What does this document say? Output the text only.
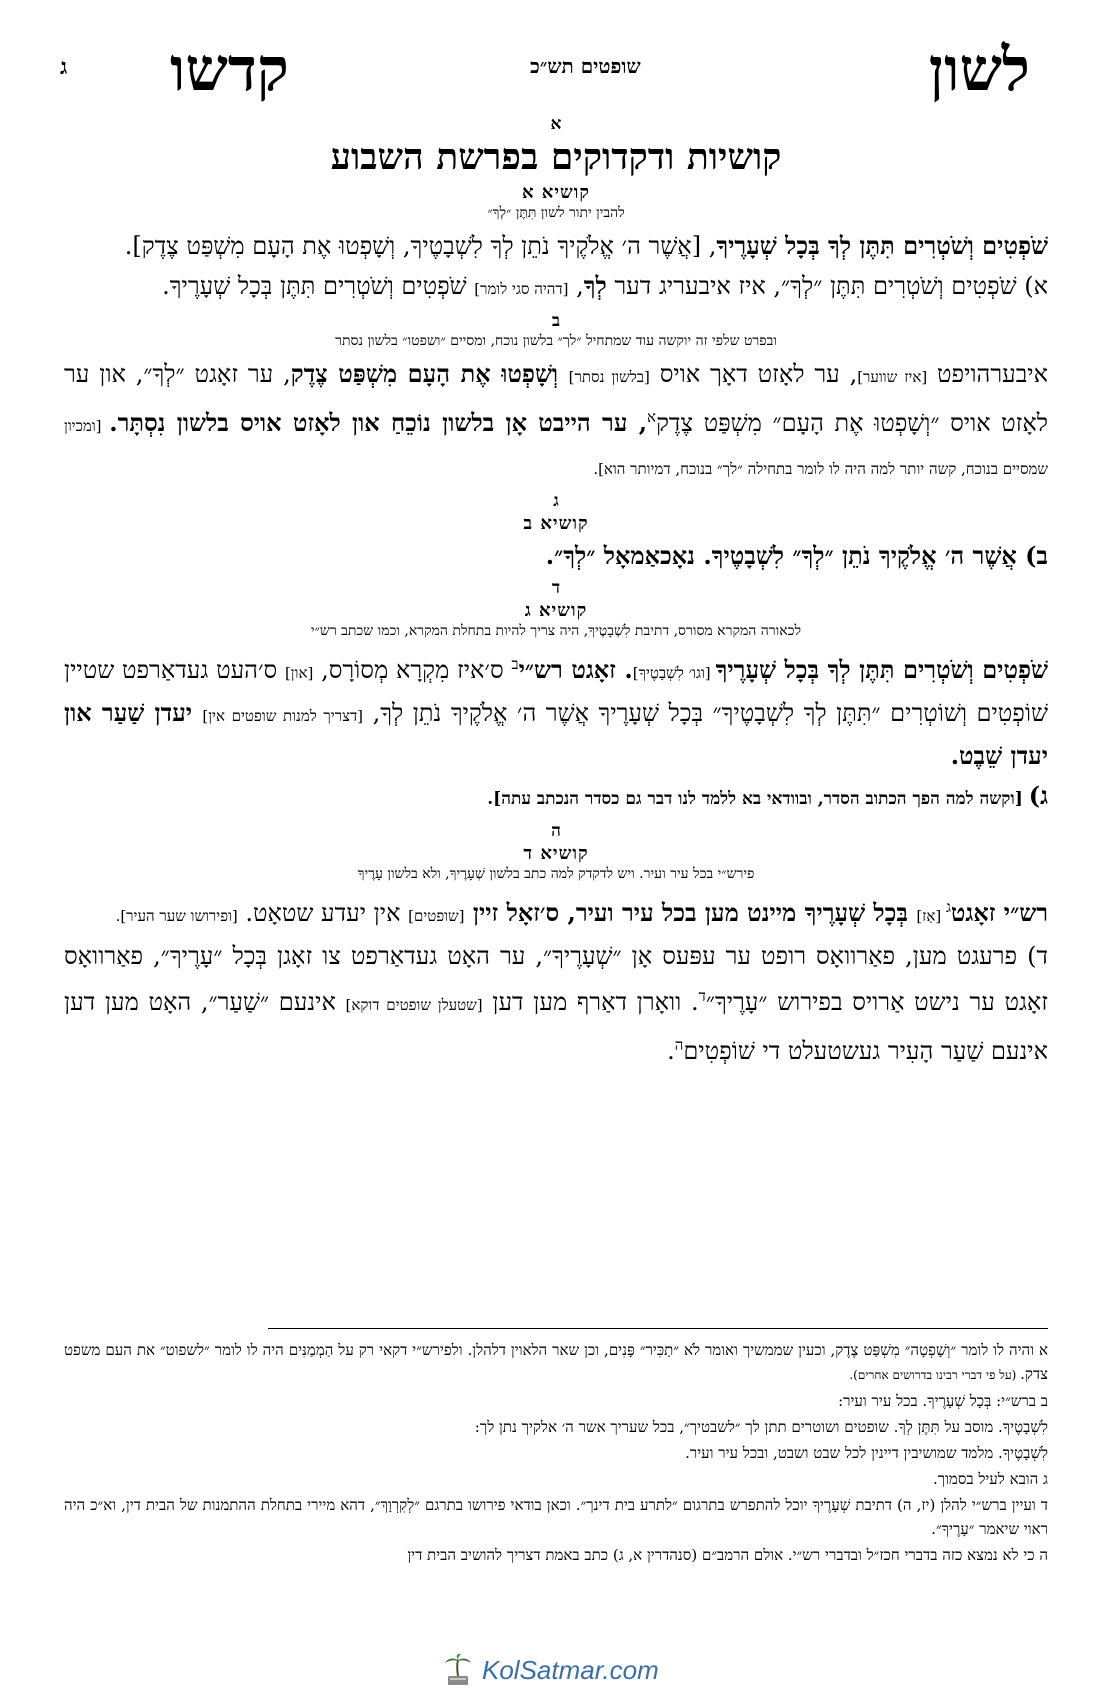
לשון
שופטים תש״כ
קדשו
ג
א
קושיות ודקדוקים בפרשת השבוע
קושיא א
להבין יתור לשון תִּתֶּן ״לְךָ״

שֹׁפְטִים וְשֹׁטְרִים תִּתֶּן לְךָ בְּכָל שְׁעָרֶיךָ, [אֲשֶׁר ה׳ אֱלֹקֶיךָ נֹתֵן לְךָ לִשְׁבָטֶיךָ, וְשָׁפְטוּ אֶת הָעָם מִשְׁפַּט צֶדֶק].

א) שֹׁפְטִים וְשֹׁטְרִים תִּתֶּן ״לְךָ״, איז איבעריג דער לְךָ, [דהיה סגי לומר] שֹׁפְטִים וְשֹׁטְרִים תִּתֶּן בְּכָל שְׁעָרֶיךָ.

ב
ובפרט שלפי זה יוקשה עוד שמתחיל ״לך״ בלשון נוכח, ומסיים ״ושפטו״ בלשון נסתר

איבערהויפט [איז שווער], ער לאָזט דאָך אויס [בלשון נסתר] וְשָׁפְטוּ אֶת הָעָם מִשְׁפַּט צֶדֶק, ער זאָגט ״לְךָ״, און ער לאָזט אויס ״וְשָׁפְטוּ אֶת הָעָם״ מִשְׁפַּט צֶדֶק$^א$, ער הייבט אָן בלשון נוֹכֵחַ און לאָזט אויס בלשון נִסְתָּר. [ומכיון שמסיים בנוכח, קשה יותר למה היה לו לומר בתחילה ״לך״ בנוכח, דמיותר הוא].

ג
קושיא ב

ב) אֲשֶׁר ה׳ אֱלֹקֶיךָ נֹתֵן ״לְךָ״ לִשְׁבָטֶיךָ. נאָכאַמאָל ״לְךָ״.

ד
קושיא ג
לכאורה המקרא מסורס, דתיבת לִשְׁבָטֶיךָ, היה צריך להיות בתחלת המקרא, וכמו שכתב רש״י

שֹׁפְטִים וְשֹׁטְרִים תִּתֶּן לְךָ בְּכָל שְׁעָרֶיךָ [וגו׳ לִשְׁבָטֶיךָ]. זאָגט רש״י$^ב$ ס׳איז מִקְרָא מְסוֹרָס, [און] ס׳העט געדאַרפט שטיין שׁוֹפְטִים וְשׁוֹטְרִים ״תִּתֶּן לְךָ לִשְׁבָטֶיךָ״ בְּכָל שְׁעָרֶיךָ אֲשֶׁר ה׳ אֱלֹקֶיךָ נֹתֵן לְךָ, [דצריך למנות שופטים אין] יעדן שַׁעַר און יעדן שֵׁבֶט.

ג) [וקשה למה הפך הכתוב הסדר, ובוודאי בא ללמד לנו דבר גם כסדר הנכתב עתה].

ה
קושיא ד
פירש״י בכל עיר ועיר. ויש לדקדק למה כתב בלשון שְׁעָרֶיךָ, ולא בלשון עָרֶיךָ

רש״י זאָגט$^ג$ [אַז] בְּכָל שְׁעָרֶיךָ מיינט מען בכל עיר ועיר, ס׳זאָל זיין [שופטים] אין יעדע שטאָט. [ופירושו שער העיר].

ד) פרעגט מען, פאַרוואָס רופט ער עפּעס אָן ״שְׁעָרֶיךָ״, ער האָט געדאַרפט צו זאָגן בְּכָל ״עָרֶיךָ״, פאַרוואָס זאָגט ער נישט אַרויס בפירוש ״עָרֶיךָ״$^ד$. וואָרן דאַרף מען דען [שטעלן שופטים דוקא] אינעם ״שַׁעַר״, האָט מען דען אינעם שַׁעַר הָעִיר געשטעלט די שׁוֹפְטִים$^ה$.

א והיה לו לומר ״וְשָׁפְטָה״ מִשְׁפַּט צֶדֶק, וכעין שממשיך ואומר לֹא ״תַכִּיר״ פָּנִים, וכן שאר הלאוין דלהלן. ולפירש״י דקאי רק על הַמְמַנִּים היה לו לומר ״לשפוט״ את העם משפט צדק. (על פי דברי רבינו בדרושים אחרים).

ב ברש״י: בְּכָל שְׁעָרֶיךָ. בכל עיר ועיר:

לִשְׁבָטֶיךָ. מוסב על תִּתֶּן לְךָ. שופטים ושוטרים תתן לך ״לשבטיך״, בכל שעריך אשר ה׳ אלקיך נתן לך:

לִשְׁבָטֶיךָ. מלמד שמושיבין דיינין לכל שבט ושבט, ובכל עיר ועיר.

ג הובא לעיל בסמוך.

ד ועיין ברש״י להלן (יז, ה) דתיבת שְׁעָרֶיךָ יוכל להתפרש בתרגום ״לתרע בית דינך״. וכאן בודאי פירושו בתרגם ״לְקִרְוָךְ״, דהא מיירי בתחלת ההתמנות של הבית דין, וא״כ היה ראוי שיאמר ״עָרֶיךָ״.

ה כי לא נמצא כזה בדברי חכז״ל ובדברי רש״י. אולם הרמב״ם (סנהדרין א, ג) כתב באמת דצריך להושיב הבית דין

KolSatmar.com
